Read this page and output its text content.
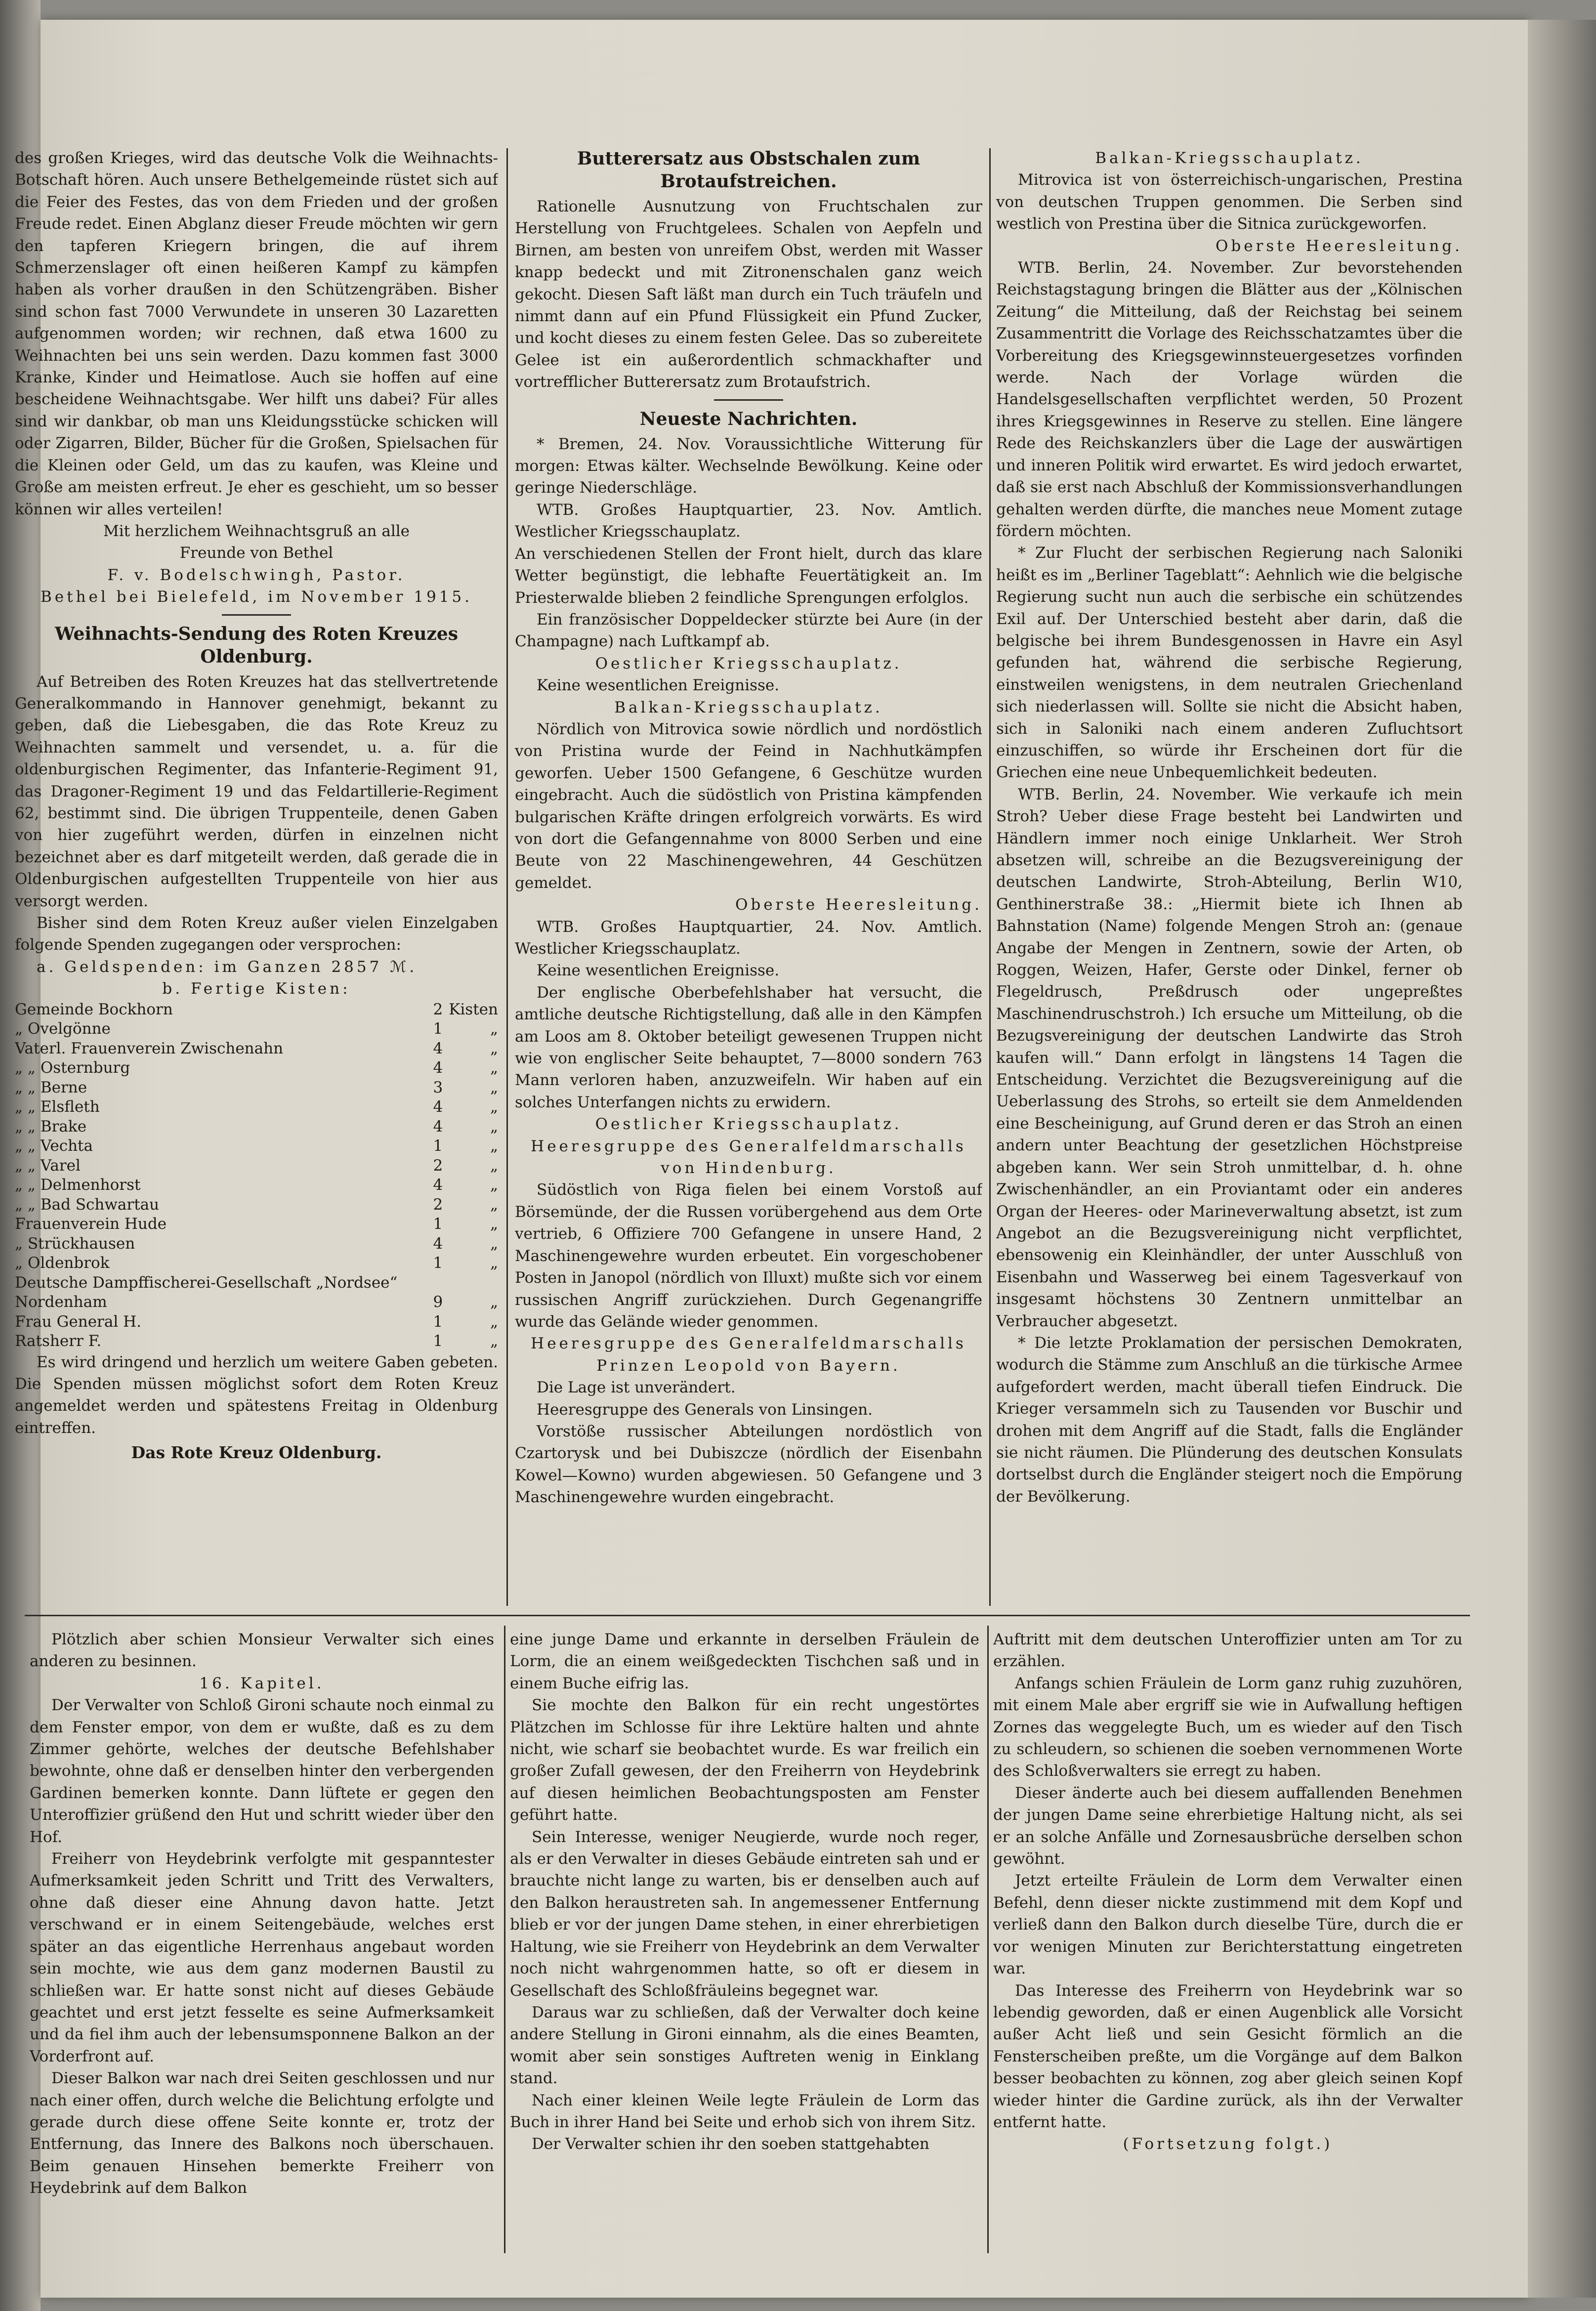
des großen Krieges, wird das deutsche Volk die Weihnachts-Botschaft hören. Auch unsere Bethelgemeinde rüstet sich auf die Feier des Festes, das von dem Frieden und der großen Freude redet. Einen Abglanz dieser Freude möchten wir gern den tapferen Kriegern bringen, die auf ihrem Schmerzenslager oft einen heißeren Kampf zu kämpfen haben als vorher draußen in den Schützengräben. Bisher sind schon fast 7000 Verwundete in unseren 30 Lazaretten aufgenommen worden; wir rechnen, daß etwa 1600 zu Weihnachten bei uns sein werden. Dazu kommen fast 3000 Kranke, Kinder und Heimatlose. Auch sie hoffen auf eine bescheidene Weihnachtsgabe. Wer hilft uns dabei? Für alles sind wir dankbar, ob man uns Kleidungsstücke schicken will oder Zigarren, Bilder, Bücher für die Großen, Spielsachen für die Kleinen oder Geld, um das zu kaufen, was Kleine und Große am meisten erfreut. Je eher es geschieht, um so besser können wir alles verteilen!

Mit herzlichem Weihnachtsgruß an alle

Freunde von Bethel

F. v. Bodelschwingh, Pastor.

Bethel bei Bielefeld, im November 1915.

Weihnachts-Sendung des Roten Kreuzes Oldenburg.

Auf Betreiben des Roten Kreuzes hat das stellvertretende Generalkommando in Hannover genehmigt, bekannt zu geben, daß die Liebesgaben, die das Rote Kreuz zu Weihnachten sammelt und versendet, u. a. für die oldenburgischen Regimenter, das Infanterie-Regiment 91, das Dragoner-Regiment 19 und das Feldartillerie-Regiment 62, bestimmt sind. Die übrigen Truppenteile, denen Gaben von hier zugeführt werden, dürfen in einzelnen nicht bezeichnet aber es darf mitgeteilt werden, daß gerade die in Oldenburgischen aufgestellten Truppenteile von hier aus versorgt werden.

Bisher sind dem Roten Kreuz außer vielen Einzelgaben folgende Spenden zugegangen oder versprochen:

a. Geldspenden: im Ganzen 2857 ℳ.

b. Fertige Kisten:

Gemeinde Bockhorn	2	Kisten
„ Ovelgönne	1	„
Vaterl. Frauenverein Zwischenahn	4	„
„ „ Osternburg	4	„
„ „ Berne	3	„
„ „ Elsfleth	4	„
„ „ Brake	4	„
„ „ Vechta	1	„
„ „ Varel	2	„
„ „ Delmenhorst	4	„
„ „ Bad Schwartau	2	„
Frauenverein Hude	1	„
„ Strückhausen	4	„
„ Oldenbrok	1	„
Deutsche Dampffischerei-Gesellschaft „Nordsee“		
Nordenham	9	„
Frau General H.	1	„
Ratsherr F.	1	„

Es wird dringend und herzlich um weitere Gaben gebeten. Die Spenden müssen möglichst sofort dem Roten Kreuz angemeldet werden und spätestens Freitag in Oldenburg eintreffen.

Das Rote Kreuz Oldenburg.
Butterersatz aus Obstschalen zum Brotaufstreichen.

Rationelle Ausnutzung von Fruchtschalen zur Herstellung von Fruchtgelees. Schalen von Aepfeln und Birnen, am besten von unreifem Obst, werden mit Wasser knapp bedeckt und mit Zitronenschalen ganz weich gekocht. Diesen Saft läßt man durch ein Tuch träufeln und nimmt dann auf ein Pfund Flüssigkeit ein Pfund Zucker, und kocht dieses zu einem festen Gelee. Das so zubereitete Gelee ist ein außerordentlich schmackhafter und vortrefflicher Butterersatz zum Brotaufstrich.

Neueste Nachrichten.

* Bremen, 24. Nov. Voraussichtliche Witterung für morgen: Etwas kälter. Wechselnde Bewölkung. Keine oder geringe Niederschläge.

WTB. Großes Hauptquartier, 23. Nov. Amtlich. Westlicher Kriegsschauplatz.

An verschiedenen Stellen der Front hielt, durch das klare Wetter begünstigt, die lebhafte Feuertätigkeit an. Im Priesterwalde blieben 2 feindliche Sprengungen erfolglos.

Ein französischer Doppeldecker stürzte bei Aure (in der Champagne) nach Luftkampf ab.

Oestlicher Kriegsschauplatz.

Keine wesentlichen Ereignisse.

Balkan-Kriegsschauplatz.

Nördlich von Mitrovica sowie nördlich und nordöstlich von Pristina wurde der Feind in Nachhutkämpfen geworfen. Ueber 1500 Gefangene, 6 Geschütze wurden eingebracht. Auch die südöstlich von Pristina kämpfenden bulgarischen Kräfte dringen erfolgreich vorwärts. Es wird von dort die Gefangennahme von 8000 Serben und eine Beute von 22 Maschinengewehren, 44 Geschützen gemeldet.

Oberste Heeresleitung.

WTB. Großes Hauptquartier, 24. Nov. Amtlich. Westlicher Kriegsschauplatz.

Keine wesentlichen Ereignisse.

Der englische Oberbefehlshaber hat versucht, die amtliche deutsche Richtigstellung, daß alle in den Kämpfen am Loos am 8. Oktober beteiligt gewesenen Truppen nicht wie von englischer Seite behauptet, 7—8000 sondern 763 Mann verloren haben, anzuzweifeln. Wir haben auf ein solches Unterfangen nichts zu erwidern.

Oestlicher Kriegsschauplatz.

Heeresgruppe des Generalfeldmarschalls von Hindenburg.

Südöstlich von Riga fielen bei einem Vorstoß auf Börsemünde, der die Russen vorübergehend aus dem Orte vertrieb, 6 Offiziere 700 Gefangene in unsere Hand, 2 Maschinengewehre wurden erbeutet. Ein vorgeschobener Posten in Janopol (nördlich von Illuxt) mußte sich vor einem russischen Angriff zurückziehen. Durch Gegenangriffe wurde das Gelände wieder genommen.

Heeresgruppe des Generalfeldmarschalls Prinzen Leopold von Bayern.

Die Lage ist unverändert.

Heeresgruppe des Generals von Linsingen.

Vorstöße russischer Abteilungen nordöstlich von Czartorysk und bei Dubiszcze (nördlich der Eisenbahn Kowel—Kowno) wurden abgewiesen. 50 Gefangene und 3 Maschinengewehre wurden eingebracht.

Balkan-Kriegsschauplatz.

Mitrovica ist von österreichisch-ungarischen, Prestina von deutschen Truppen genommen. Die Serben sind westlich von Prestina über die Sitnica zurückgeworfen.

Oberste Heeresleitung.

WTB. Berlin, 24. November. Zur bevorstehenden Reichstagstagung bringen die Blätter aus der „Kölnischen Zeitung“ die Mitteilung, daß der Reichstag bei seinem Zusammentritt die Vorlage des Reichsschatzamtes über die Vorbereitung des Kriegsgewinnsteuergesetzes vorfinden werde. Nach der Vorlage würden die Handelsgesellschaften verpflichtet werden, 50 Prozent ihres Kriegsgewinnes in Reserve zu stellen. Eine längere Rede des Reichskanzlers über die Lage der auswärtigen und inneren Politik wird erwartet. Es wird jedoch erwartet, daß sie erst nach Abschluß der Kommissionsverhandlungen gehalten werden dürfte, die manches neue Moment zutage fördern möchten.

* Zur Flucht der serbischen Regierung nach Saloniki heißt es im „Berliner Tageblatt“: Aehnlich wie die belgische Regierung sucht nun auch die serbische ein schützendes Exil auf. Der Unterschied besteht aber darin, daß die belgische bei ihrem Bundesgenossen in Havre ein Asyl gefunden hat, während die serbische Regierung, einstweilen wenigstens, in dem neutralen Griechenland sich niederlassen will. Sollte sie nicht die Absicht haben, sich in Saloniki nach einem anderen Zufluchtsort einzuschiffen, so würde ihr Erscheinen dort für die Griechen eine neue Unbequemlichkeit bedeuten.

WTB. Berlin, 24. November. Wie verkaufe ich mein Stroh? Ueber diese Frage besteht bei Landwirten und Händlern immer noch einige Unklarheit. Wer Stroh absetzen will, schreibe an die Bezugsvereinigung der deutschen Landwirte, Stroh-Abteilung, Berlin W10, Genthinerstraße 38.: „Hiermit biete ich Ihnen ab Bahnstation (Name) folgende Mengen Stroh an: (genaue Angabe der Mengen in Zentnern, sowie der Arten, ob Roggen, Weizen, Hafer, Gerste oder Dinkel, ferner ob Flegeldrusch, Preßdrusch oder ungepreßtes Maschinendruschstroh.) Ich ersuche um Mitteilung, ob die Bezugsvereinigung der deutschen Landwirte das Stroh kaufen will.“ Dann erfolgt in längstens 14 Tagen die Entscheidung. Verzichtet die Bezugsvereinigung auf die Ueberlassung des Strohs, so erteilt sie dem Anmeldenden eine Bescheinigung, auf Grund deren er das Stroh an einen andern unter Beachtung der gesetzlichen Höchstpreise abgeben kann. Wer sein Stroh unmittelbar, d. h. ohne Zwischenhändler, an ein Proviantamt oder ein anderes Organ der Heeres- oder Marineverwaltung absetzt, ist zum Angebot an die Bezugsvereinigung nicht verpflichtet, ebensowenig ein Kleinhändler, der unter Ausschluß von Eisenbahn und Wasserweg bei einem Tagesverkauf von insgesamt höchstens 30 Zentnern unmittelbar an Verbraucher abgesetzt.

* Die letzte Proklamation der persischen Demokraten, wodurch die Stämme zum Anschluß an die türkische Armee aufgefordert werden, macht überall tiefen Eindruck. Die Krieger versammeln sich zu Tausenden vor Buschir und drohen mit dem Angriff auf die Stadt, falls die Engländer sie nicht räumen. Die Plünderung des deutschen Konsulats dortselbst durch die Engländer steigert noch die Empörung der Bevölkerung.

Plötzlich aber schien Monsieur Verwalter sich eines anderen zu besinnen.

16. Kapitel.

Der Verwalter von Schloß Gironi schaute noch einmal zu dem Fenster empor, von dem er wußte, daß es zu dem Zimmer gehörte, welches der deutsche Befehlshaber bewohnte, ohne daß er denselben hinter den verbergenden Gardinen bemerken konnte. Dann lüftete er gegen den Unteroffizier grüßend den Hut und schritt wieder über den Hof.

Freiherr von Heydebrink verfolgte mit gespanntester Aufmerksamkeit jeden Schritt und Tritt des Verwalters, ohne daß dieser eine Ahnung davon hatte. Jetzt verschwand er in einem Seitengebäude, welches erst später an das eigentliche Herrenhaus angebaut worden sein mochte, wie aus dem ganz modernen Baustil zu schließen war. Er hatte sonst nicht auf dieses Gebäude geachtet und erst jetzt fesselte es seine Aufmerksamkeit und da fiel ihm auch der lebensumsponnene Balkon an der Vorderfront auf.

Dieser Balkon war nach drei Seiten geschlossen und nur nach einer offen, durch welche die Belichtung erfolgte und gerade durch diese offene Seite konnte er, trotz der Entfernung, das Innere des Balkons noch überschauen. Beim genauen Hinsehen bemerkte Freiherr von Heydebrink auf dem Balkon

eine junge Dame und erkannte in derselben Fräulein de Lorm, die an einem weißgedeckten Tischchen saß und in einem Buche eifrig las.

Sie mochte den Balkon für ein recht ungestörtes Plätzchen im Schlosse für ihre Lektüre halten und ahnte nicht, wie scharf sie beobachtet wurde. Es war freilich ein großer Zufall gewesen, der den Freiherrn von Heydebrink auf diesen heimlichen Beobachtungsposten am Fenster geführt hatte.

Sein Interesse, weniger Neugierde, wurde noch reger, als er den Verwalter in dieses Gebäude eintreten sah und er brauchte nicht lange zu warten, bis er denselben auch auf den Balkon heraustreten sah. In angemessener Entfernung blieb er vor der jungen Dame stehen, in einer ehrerbietigen Haltung, wie sie Freiherr von Heydebrink an dem Verwalter noch nicht wahrgenommen hatte, so oft er diesem in Gesellschaft des Schloßfräuleins begegnet war.

Daraus war zu schließen, daß der Verwalter doch keine andere Stellung in Gironi einnahm, als die eines Beamten, womit aber sein sonstiges Auftreten wenig in Einklang stand.

Nach einer kleinen Weile legte Fräulein de Lorm das Buch in ihrer Hand bei Seite und erhob sich von ihrem Sitz.

Der Verwalter schien ihr den soeben stattgehabten

Auftritt mit dem deutschen Unteroffizier unten am Tor zu erzählen.

Anfangs schien Fräulein de Lorm ganz ruhig zuzuhören, mit einem Male aber ergriff sie wie in Aufwallung heftigen Zornes das weggelegte Buch, um es wieder auf den Tisch zu schleudern, so schienen die soeben vernommenen Worte des Schloßverwalters sie erregt zu haben.

Dieser änderte auch bei diesem auffallenden Benehmen der jungen Dame seine ehrerbietige Haltung nicht, als sei er an solche Anfälle und Zornesausbrüche derselben schon gewöhnt.

Jetzt erteilte Fräulein de Lorm dem Verwalter einen Befehl, denn dieser nickte zustimmend mit dem Kopf und verließ dann den Balkon durch dieselbe Türe, durch die er vor wenigen Minuten zur Berichterstattung eingetreten war.

Das Interesse des Freiherrn von Heydebrink war so lebendig geworden, daß er einen Augenblick alle Vorsicht außer Acht ließ und sein Gesicht förmlich an die Fensterscheiben preßte, um die Vorgänge auf dem Balkon besser beobachten zu können, zog aber gleich seinen Kopf wieder hinter die Gardine zurück, als ihn der Verwalter entfernt hatte.

(Fortsetzung folgt.)
